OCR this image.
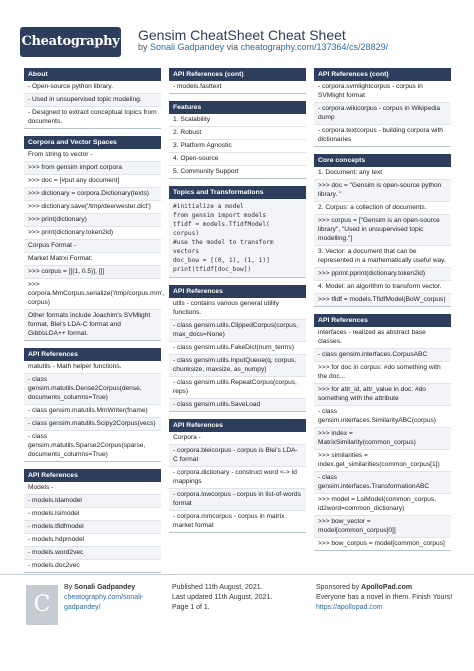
Cheatography Gensim CheatSheet Cheat Sheet
by Sonali Gadpandey via cheatography.com/137364/cs/28829/
About
- Open-source python library.
- Used in unsupervised topic modeling.
- Designed to extract conceptual topics from documents.
Corpora and Vector Spaces
From string to vector -
>>> from gensim import corpora
>>> doc = [#put any document]
>>> dictionary = corpora.Dictionary(texts)
>>> dictionary.save('/tmp/deerwester.dict')
>>> print(dictionary)
>>> print(dictionary.token2id)
Corpus Format -
Market Matrxi Format:
>>> corpus = [[(1, 0.5)], []]
>>> corpora.MmCorpus.serialize('/tmp/corpus.mm', corpus)
Other formats include Joachim's SVMlight format, Blei's LDA-C format and GibbsLDA++ format.
API References
matutils - Math helper functions.
- class gensim.matutils.Dense2Corpus(dense, documents_columns=True)
- class gensim.matutils.MmWriter(fname)
- class gensim.matutils.Scipy2Corpus(vecs)
- class gensim.matutils.Sparse2Corpus(sparse, documents_columns=True)
API References
Models -
- models.ldamodel
- models.lsimodel
- models.tfidfmodel
- models.hdpmodel
- models.word2vec
- models.doc2vec
API References (cont)
- models.fasttext
Features
1. Scalability
2. Robust
3. Platform Agnostic
4. Open-source
5. Community Support
Topics and Transformations
#initialize a model
from gensim import models
tfidf = models.TfidfModel(
corpus)
#use the model to transform
vectors
doc_bow = [(0, 1), (1, 1)]
print(tfidf[doc_bow])
API References
utils - contains various general utility functions.
- class gensim.utils.ClippedCorpus(corpus, max_docs=None)
- class gensim.utils.FakeDict(num_terms)
- class gensim.utils.InputQueue(q, corpus, chunksize, maxsize, as_numpy)
- class gensim.utils.RepeatCorpus(corpus, reps)
- class gensim.utils.SaveLoad
API References
Corpora -
- corpora.bleicorpus - corpus is Blei's LDA-C format
- corpora.dictionary - construct word <-> id mappings
- corpora.lowcorpus - corpus in list-of-words format
- corpora.mmcorpus - corpus in matrix market format
API References (cont)
- corpora.svmlightcorpus - corpus in SVMlight format
- corpora.wikicorpus - corpus in Wikipedia dump
- corpora.textcorpus - building corpora with dictionaries
Core concepts
1. Document: any text
>>> doc = "Gensim is open-source python library. "
2. Corpus: a collection of documents.
>>> corpus = ["Gensim is an open-source library", "Used in unsupervised topic modelling."]
3. Vector: a document that can be represented in a mathematically useful way.
>>> pprint.pprint(dictionary.token2id)
4. Model: an algorithm to transform vector.
>>> tfidf = models.TfidfModel(BoW_corpus)
API References
interfaces - realized as abstract base classes.
- class gensim.interfaces.CorpusABC
>>> for doc in corpus: #do something with the doc...
>>> for attr_id, attr_value in doc: #do something with the attribute
- class gensim.interfaces.SimilarityABC(corpus)
>>> index = MatrixSimilarity(common_corpus)
>>> similarities = index.get_similarities(common_corpus[1])
- class gensim.interfaces.TransformationABC
>>> model = LsiModel(common_corpus, id2word=common_dictionary)
>>> bow_vector = model[common_corpus[0]]
>>> bow_corpus = model[common_corpus]
C
By Sonali Gadpandey
cheatography.com/sonali-gadpandey/
Published 11th August, 2021.
Last updated 11th August, 2021.
Page 1 of 1.
Sponsored by ApolloPad.com
Everyone has a novel in them. Finish Yours!
https://apollopad.com
